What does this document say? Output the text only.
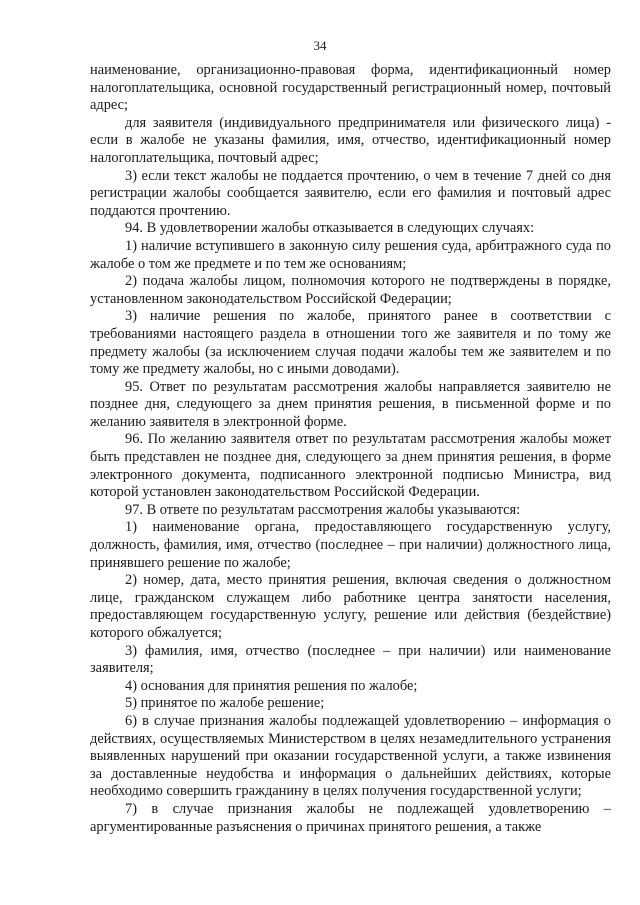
34

наименование, организационно-правовая форма, идентификационный номер налогоплательщика, основной государственный регистрационный номер, почтовый адрес;

для заявителя (индивидуального предпринимателя или физического лица) - если в жалобе не указаны фамилия, имя, отчество, идентификационный номер налогоплательщика, почтовый адрес;

3) если текст жалобы не поддается прочтению, о чем в течение 7 дней со дня регистрации жалобы сообщается заявителю, если его фамилия и почтовый адрес поддаются прочтению.

94. В удовлетворении жалобы отказывается в следующих случаях:

1) наличие вступившего в законную силу решения суда, арбитражного суда по жалобе о том же предмете и по тем же основаниям;

2) подача жалобы лицом, полномочия которого не подтверждены в порядке, установленном законодательством Российской Федерации;

3) наличие решения по жалобе, принятого ранее в соответствии с требованиями настоящего раздела в отношении того же заявителя и по тому же предмету жалобы (за исключением случая подачи жалобы тем же заявителем и по тому же предмету жалобы, но с иными доводами).

95. Ответ по результатам рассмотрения жалобы направляется заявителю не позднее дня, следующего за днем принятия решения, в письменной форме и по желанию заявителя в электронной форме.

96. По желанию заявителя ответ по результатам рассмотрения жалобы может быть представлен не позднее дня, следующего за днем принятия решения, в форме электронного документа, подписанного электронной подписью Министра, вид которой установлен законодательством Российской Федерации.

97. В ответе по результатам рассмотрения жалобы указываются:

1) наименование органа, предоставляющего государственную услугу, должность, фамилия, имя, отчество (последнее – при наличии) должностного лица, принявшего решение по жалобе;

2) номер, дата, место принятия решения, включая сведения о должностном лице, гражданском служащем либо работнике центра занятости населения, предоставляющем государственную услугу, решение или действия (бездействие) которого обжалуется;

3) фамилия, имя, отчество (последнее – при наличии) или наименование заявителя;

4) основания для принятия решения по жалобе;

5) принятое по жалобе решение;

6) в случае признания жалобы подлежащей удовлетворению – информация о действиях, осуществляемых Министерством в целях незамедлительного устранения выявленных нарушений при оказании государственной услуги, а также извинения за доставленные неудобства и информация о дальнейших действиях, которые необходимо совершить гражданину в целях получения государственной услуги;

7) в случае признания жалобы не подлежащей удовлетворению – аргументированные разъяснения о причинах принятого решения, а также
